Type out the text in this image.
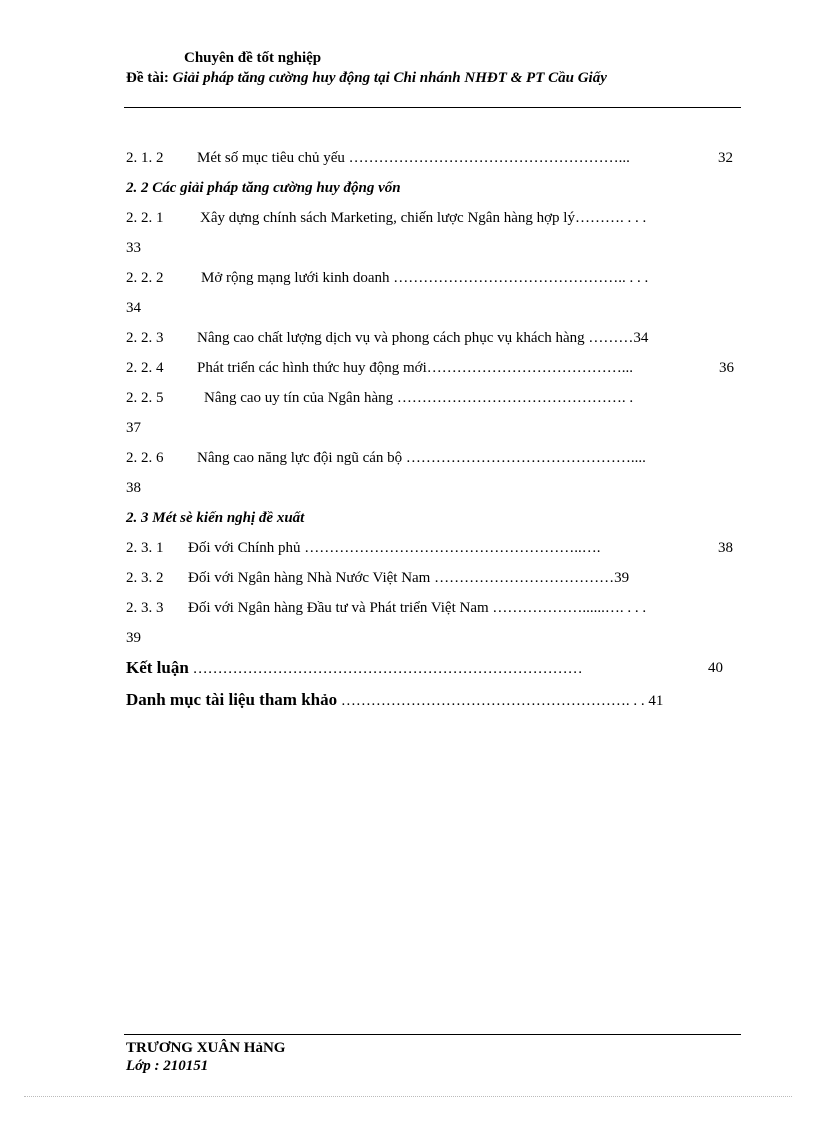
Chuyên đề tốt nghiệp
Đề tài: Giải pháp tăng cường huy động tại Chi nhánh NHĐT & PT Cầu Giấy
2. 1. 2 Mét số mục tiêu chủ yếu ………………………………………………...	32
2. 2 Các giải pháp tăng cường huy động vốn
2. 2. 1 Xây dựng chính sách Marketing, chiến lược Ngân hàng hợp lý………. . . .
33
2. 2. 2	Mở rộng mạng lưới kinh doanh ……………………………………….. . . .
34
2. 2. 3 Nâng cao chất lượng dịch vụ và phong cách phục vụ khách hàng ………34
2. 2. 4 Phát triển các hình thức huy động mới…………………………………...	36
2. 2. 5	Nâng cao uy tín của Ngân hàng ………………………………………. .
37
2. 2. 6 Nâng cao năng lực đội ngũ cán bộ ………………………………………....
38
2. 3 Mét sè kiến nghị đề xuất
2. 3. 1 Đối với Chính phủ ………………………………………………..….	38
2. 3. 2 Đối với Ngân hàng Nhà Nước Việt Nam ………………………………39
2. 3. 3 Đối với Ngân hàng Đầu tư và Phát triển Việt Nam ………………......…. . . .
39
Kết luận ……………………………………………………………………	40
Danh mục tài liệu tham khảo …………………………………………………. . . 41
TRƯƠNG XUÂN HảNG
Lớp : 210151
